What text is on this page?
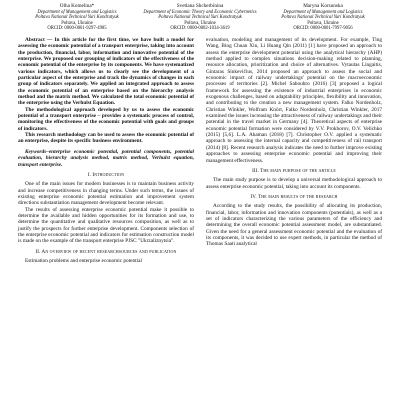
Olha Komelina*
Department of Management and Logistics
Poltava National Technical Yuri Kondratyuk
Poltava, Ukraine
ORCID: 0000-0001-9297-4985
Svetlana Shcherbinina
Department of Economic Theory and Economic Cybernetics
Poltava National Technical Yuri Kondratyuk
Poltava, Ukraine
ORCID: 0000-0002-1034-3619
Maryna Korsunska
Department of Management and Logistics
Poltava National Technical Yuri Kondratyuk
Poltava, Ukraine
ORCID: 0000-0001-7997-9056

Abstract — In this article for the first time, we have built a model for assessing the economic potential of a transport enterprise, taking into account the production, financial, labor, information and innovative potential of the enterprise. We proposed our grouping of indicators of the effectiveness of the economic potential of the enterprise by its components. We have systematized various indicators, which allows us to clearly see the development of a particular aspect of the enterprise and track the dynamics of changes in each group of indicators separately. We applied an integrated approach to assess the economic potential of an enterprise based on the hierarchy analysis method and the matrix method. We calculated the total economic potential of the enterprise using the Verhulst Equation.

The methodological approach developed by us to assess the economic potential of a transport enterprise – provides a systematic process of control, monitoring the effectiveness of the economic potential with goals and groups of indicators.

This research methodology can be used to assess the economic potential of an enterprise, despite its specific business environment.

Keywords–enterprise economic potential, potential components, potential evaluation, hierarchy analysis method, matrix method, Verhulst equation, transport enterprise.

I. Introduction

One of the main issues for modern businesses is to maintain business activity and increase competitiveness in changing terms. Under such terms, the issues of existing enterprise economic potential estimation and improvement system directions substantiation management development become relevant.

The results of assessing enterprise economic potential make it possible to determine the available and hidden opportunities for its formation and use, to determine the quantitative and qualitative resources composition, as well as to justify the prospects for further enterprise development. Components selection of the enterprise economic potential and indicators for estimation construction model is made on the example of the transport enterprise PJSC "Ukrzaliznytsia".

II. An overview of recent researchsources and publication

Estimation problems and enterprise economic potential

evaluation, modeling and management of its development. For example, Ting Wang, Bing Chuan Xin, Li Huang Qin (2011) [1] have proposed an approach to assess the enterprise development potential using the analytical hierarchy (AHP) method applied to complex situations decision-making related to planning, resource allocation, prioritization and choice of alternatives. Vytautas Lingaitis, Gintaras Sinkevičius, 2014 proposed an approach to assess the social and economic impact of railway undertakings' potential on the macroeconomic processes of territories [2]. Michel Sabouhro (2016) [3] proposed a logical framework for assessing the existence of industrial enterprises in economic exogenous challenges, based on adaptability principles, flexibility and innovation, and contributing to the creation a new management system. Falko Nordenholz, Christian Winkler, Wolfram Knörr, Falko Nordenholz, Christian Winkler, 2017 examined the issues increasing the attractiveness of railway undertakings and their potential in the travel market in Germany [4]. Theoretical aspects of enterprise economic potential formation were considered by V.V. Prokhorov, O.V. Velichko (2015) [5,6]. L.A. Ahaman (2018) [7]. Christopher O.V. applied a systematic approach to assessing the internal capacity and competitiveness of rail transport (2014) [8]. Recent research analysis indicates the need to further improve existing approaches to assessing enterprise economic potential and improving their management effectiveness.

III. The main purpose of the article

The main study purpose is to develop a universal methodological approach to assess enterprise economic potential, taking into account its components.

IV. The main results of the research

According to the study results, the possibility of allocating its production, financial, labor, information and innovation components (potentials), as well as a set of indicators characterizing the various parameters of the efficiency and determining the overall economic potential assessment model, are substantiated. Given the need for a general assessment economic potential and the evaluation of its components, it was decided to use expert methods, in particular the method of Thomas Saati analytical
